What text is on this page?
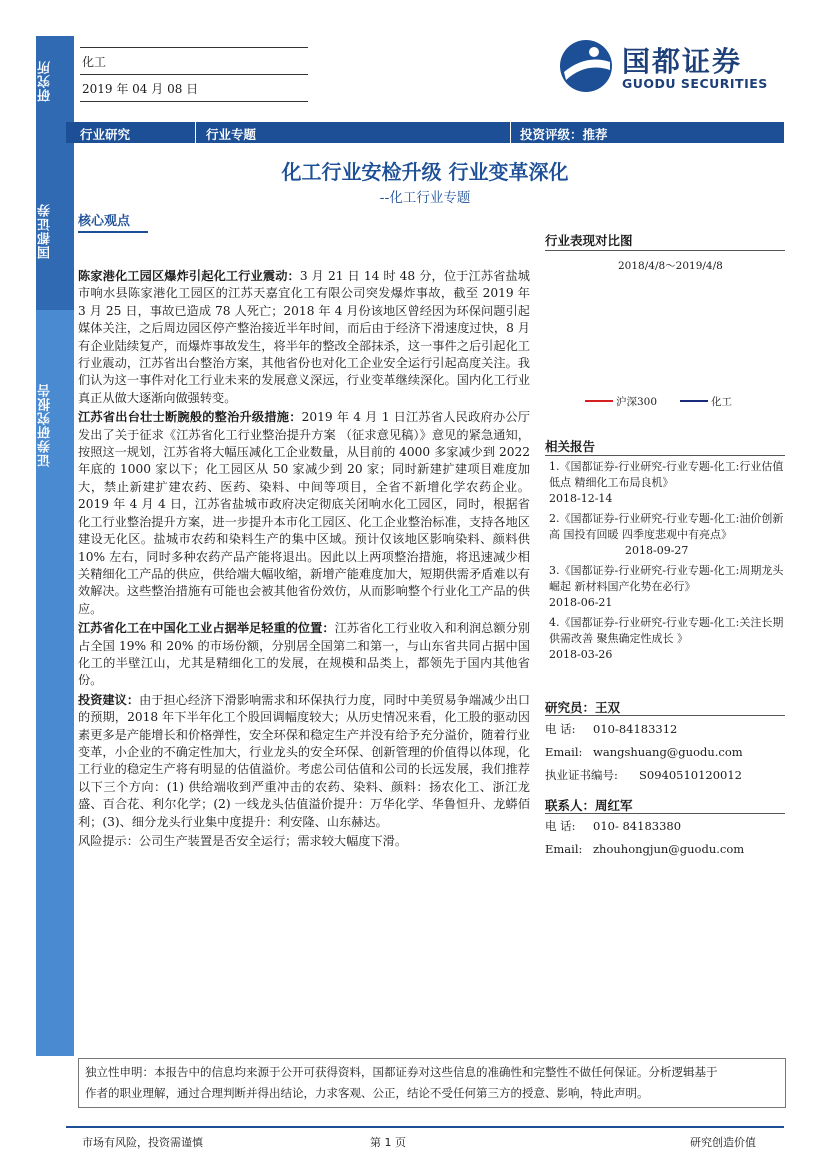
研究所
国都证券
证券研究报告
化工
2019 年 04 月 08 日
国都证券
GUODU SECURITIES
行业研究	行业专题	投资评级：推荐
化工行业安检升级 行业变革深化
--化工行业专题
核心观点

陈家港化工园区爆炸引起化工行业震动：3 月 21 日 14 时 48 分，位于江苏省盐城市响水县陈家港化工园区的江苏天嘉宜化工有限公司突发爆炸事故，截至 2019 年 3 月 25 日，事故已造成 78 人死亡；2018 年 4 月份该地区曾经因为环保问题引起媒体关注，之后周边园区停产整治接近半年时间，而后由于经济下滑速度过快，8 月有企业陆续复产，而爆炸事故发生，将半年的整改全部抹杀，这一事件之后引起化工行业震动，江苏省出台整治方案，其他省份也对化工企业安全运行引起高度关注。我们认为这一事件对化工行业未来的发展意义深远，行业变革继续深化。国内化工行业真正从做大逐渐向做强转变。

江苏省出台壮士断腕般的整治升级措施：2019 年 4 月 1 日江苏省人民政府办公厅发出了关于征求《江苏省化工行业整治提升方案 （征求意见稿）》意见的紧急通知，按照这一规划，江苏省将大幅压减化工企业数量，从目前的 4000 多家减少到 2022 年底的 1000 家以下；化工园区从 50 家减少到 20 家；同时新建扩建项目难度加大，禁止新建扩建农药、医药、染料、中间等项目，全省不新增化学农药企业。2019 年 4 月 4 日，江苏省盐城市政府决定彻底关闭响水化工园区，同时，根据省化工行业整治提升方案，进一步提升本市化工园区、化工企业整治标准，支持各地区建设无化区。盐城市农药和染料生产的集中区域。预计仅该地区影响染料、颜料供 10% 左右，同时多种农药产品产能将退出。因此以上两项整治措施，将迅速减少相关精细化工产品的供应，供给端大幅收缩，新增产能难度加大，短期供需矛盾难以有效解决。这些整治措施有可能也会被其他省份效仿，从而影响整个行业化工产品的供应。

江苏省化工在中国化工业占据举足轻重的位置：江苏省化工行业收入和利润总额分别占全国 19% 和 20% 的市场份额，分别居全国第二和第一，与山东省共同占据中国化工的半壁江山，尤其是精细化工的发展，在规模和品类上，都领先于国内其他省份。

投资建议：由于担心经济下滑影响需求和环保执行力度，同时中美贸易争端减少出口的预期，2018 年下半年化工个股回调幅度较大；从历史情况来看，化工股的驱动因素更多是产能增长和价格弹性，安全环保和稳定生产并没有给予充分溢价，随着行业变革，小企业的不确定性加大，行业龙头的安全环保、创新管理的价值得以体现，化工行业的稳定生产将有明显的估值溢价。考虑公司估值和公司的长远发展，我们推荐以下三个方向：(1) 供给端收到严重冲击的农药、染料、颜料：扬农化工、浙江龙盛、百合花、利尔化学；(2) 一线龙头估值溢价提升：万华化学、华鲁恒升、龙蟒佰利；(3)、细分龙头行业集中度提升：利安隆、山东赫达。

风险提示：公司生产装置是否安全运行；需求较大幅度下滑。

行业表现对比图
2018/4/8～2019/4/8
沪深300	化工
相关报告
1.《国都证券-行业研究-行业专题-化工:行业估值低点 精细化工布局良机》
2018-12-14
2.《国都证券-行业研究-行业专题-化工:油价创新高 国投有回暖 四季度悲观中有亮点》
2018-09-27
3.《国都证券-行业研究-行业专题-化工:周期龙头崛起 新材料国产化势在必行》
2018-06-21
4.《国都证券-行业研究-行业专题-化工:关注长期供需改善 聚焦确定性成长 》
2018-03-26
研究员：王双
电 话: 010-84183312
Email: wangshuang@guodu.com
执业证书编号: S0940510120012
联系人：周红军
电 话: 010- 84183380
Email: zhouhongjun@guodu.com
独立性申明：本报告中的信息均来源于公开可获得资料，国都证券对这些信息的准确性和完整性不做任何保证。分析逻辑基于
作者的职业理解，通过合理判断并得出结论，力求客观、公正，结论不受任何第三方的授意、影响，特此声明。
市场有风险，投资需谨慎	第 1 页	研究创造价值
